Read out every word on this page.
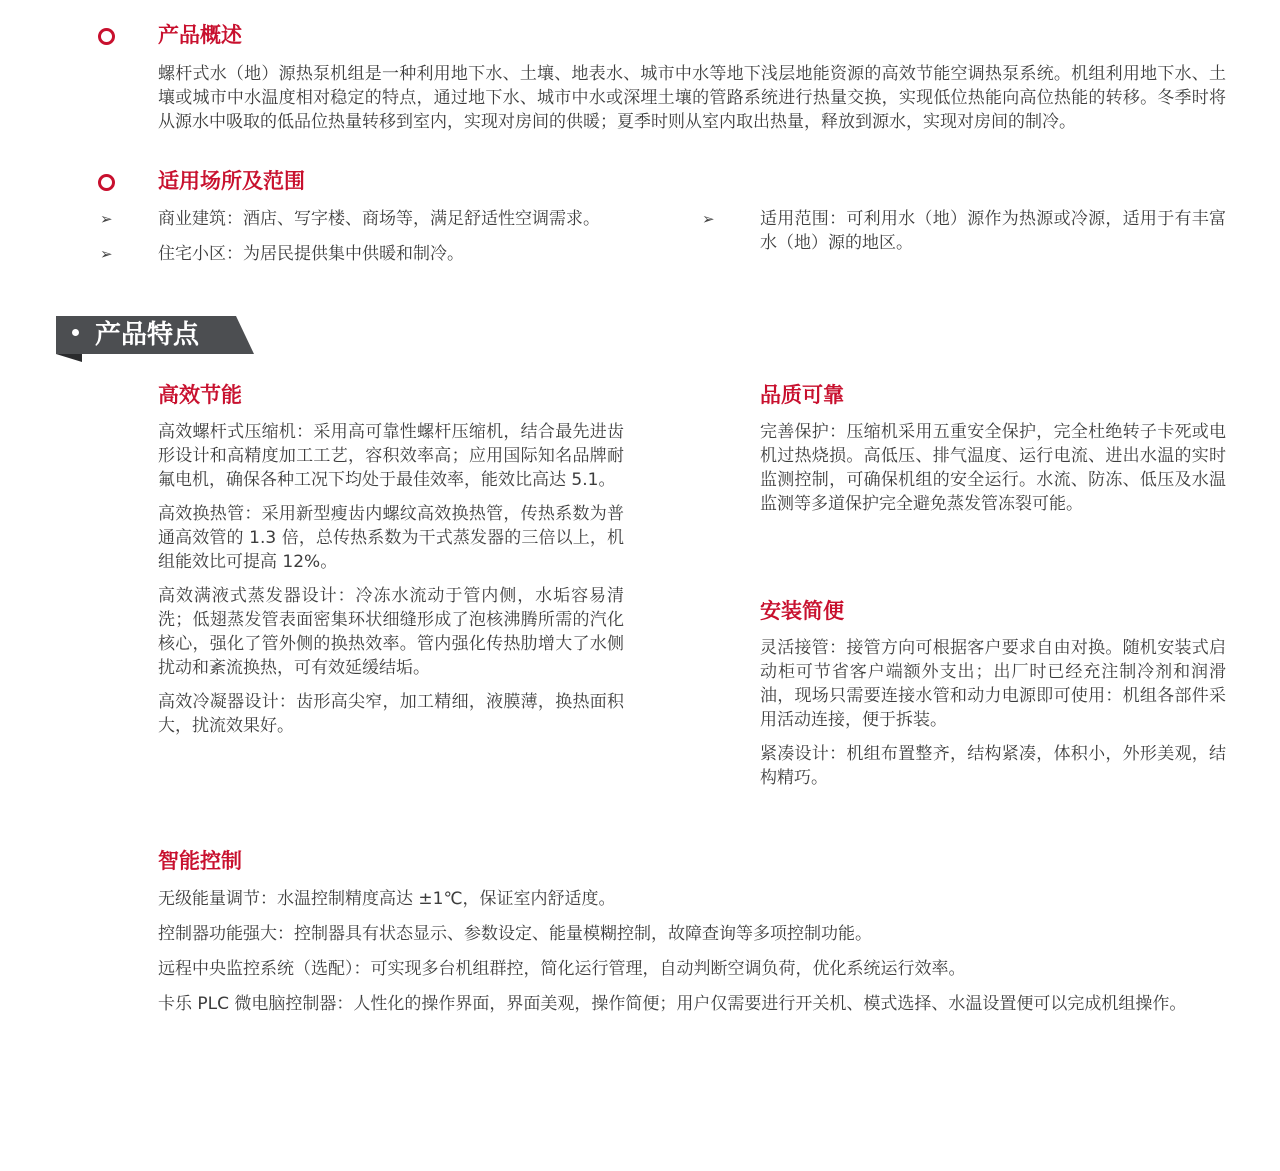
产品概述

螺杆式水（地）源热泵机组是一种利用地下水、土壤、地表水、城市中水等地下浅层地能资源的高效节能空调热泵系统。机组利用地下水、土壤或城市中水温度相对稳定的特点，通过地下水、城市中水或深埋土壤的管路系统进行热量交换，实现低位热能向高位热能的转移。冬季时将从源水中吸取的低品位热量转移到室内，实现对房间的供暖；夏季时则从室内取出热量，释放到源水，实现对房间的制冷。

适用场所及范围
➢	商业建筑：酒店、写字楼、商场等，满足舒适性空调需求。
➢	住宅小区：为居民提供集中供暖和制冷。
➢	适用范围：可利用水（地）源作为热源或冷源，适用于有丰富水（地）源的地区。
产品特点
高效节能

高效螺杆式压缩机：采用高可靠性螺杆压缩机，结合最先进齿形设计和高精度加工工艺，容积效率高；应用国际知名品牌耐氟电机，确保各种工况下均处于最佳效率，能效比高达 5.1。

高效换热管：采用新型瘦齿内螺纹高效换热管，传热系数为普通高效管的 1.3 倍，总传热系数为干式蒸发器的三倍以上，机组能效比可提高 12%。

高效满液式蒸发器设计：冷冻水流动于管内侧，水垢容易清洗；低翅蒸发管表面密集环状细缝形成了泡核沸腾所需的汽化核心，强化了管外侧的换热效率。管内强化传热肋增大了水侧扰动和紊流换热，可有效延缓结垢。

高效冷凝器设计：齿形高尖窄，加工精细，液膜薄，换热面积大，扰流效果好。

品质可靠

完善保护：压缩机采用五重安全保护，完全杜绝转子卡死或电机过热烧损。高低压、排气温度、运行电流、进出水温的实时监测控制，可确保机组的安全运行。水流、防冻、低压及水温监测等多道保护完全避免蒸发管冻裂可能。

安装简便

灵活接管：接管方向可根据客户要求自由对换。随机安装式启动柜可节省客户端额外支出；出厂时已经充注制冷剂和润滑油，现场只需要连接水管和动力电源即可使用：机组各部件采用活动连接，便于拆装。

紧凑设计：机组布置整齐，结构紧凑，体积小，外形美观，结构精巧。

智能控制
无级能量调节：水温控制精度高达 ±1℃，保证室内舒适度。
控制器功能强大：控制器具有状态显示、参数设定、能量模糊控制，故障查询等多项控制功能。
远程中央监控系统（选配）：可实现多台机组群控，简化运行管理，自动判断空调负荷，优化系统运行效率。
卡乐 PLC 微电脑控制器：人性化的操作界面，界面美观，操作简便；用户仅需要进行开关机、模式选择、水温设置便可以完成机组操作。
